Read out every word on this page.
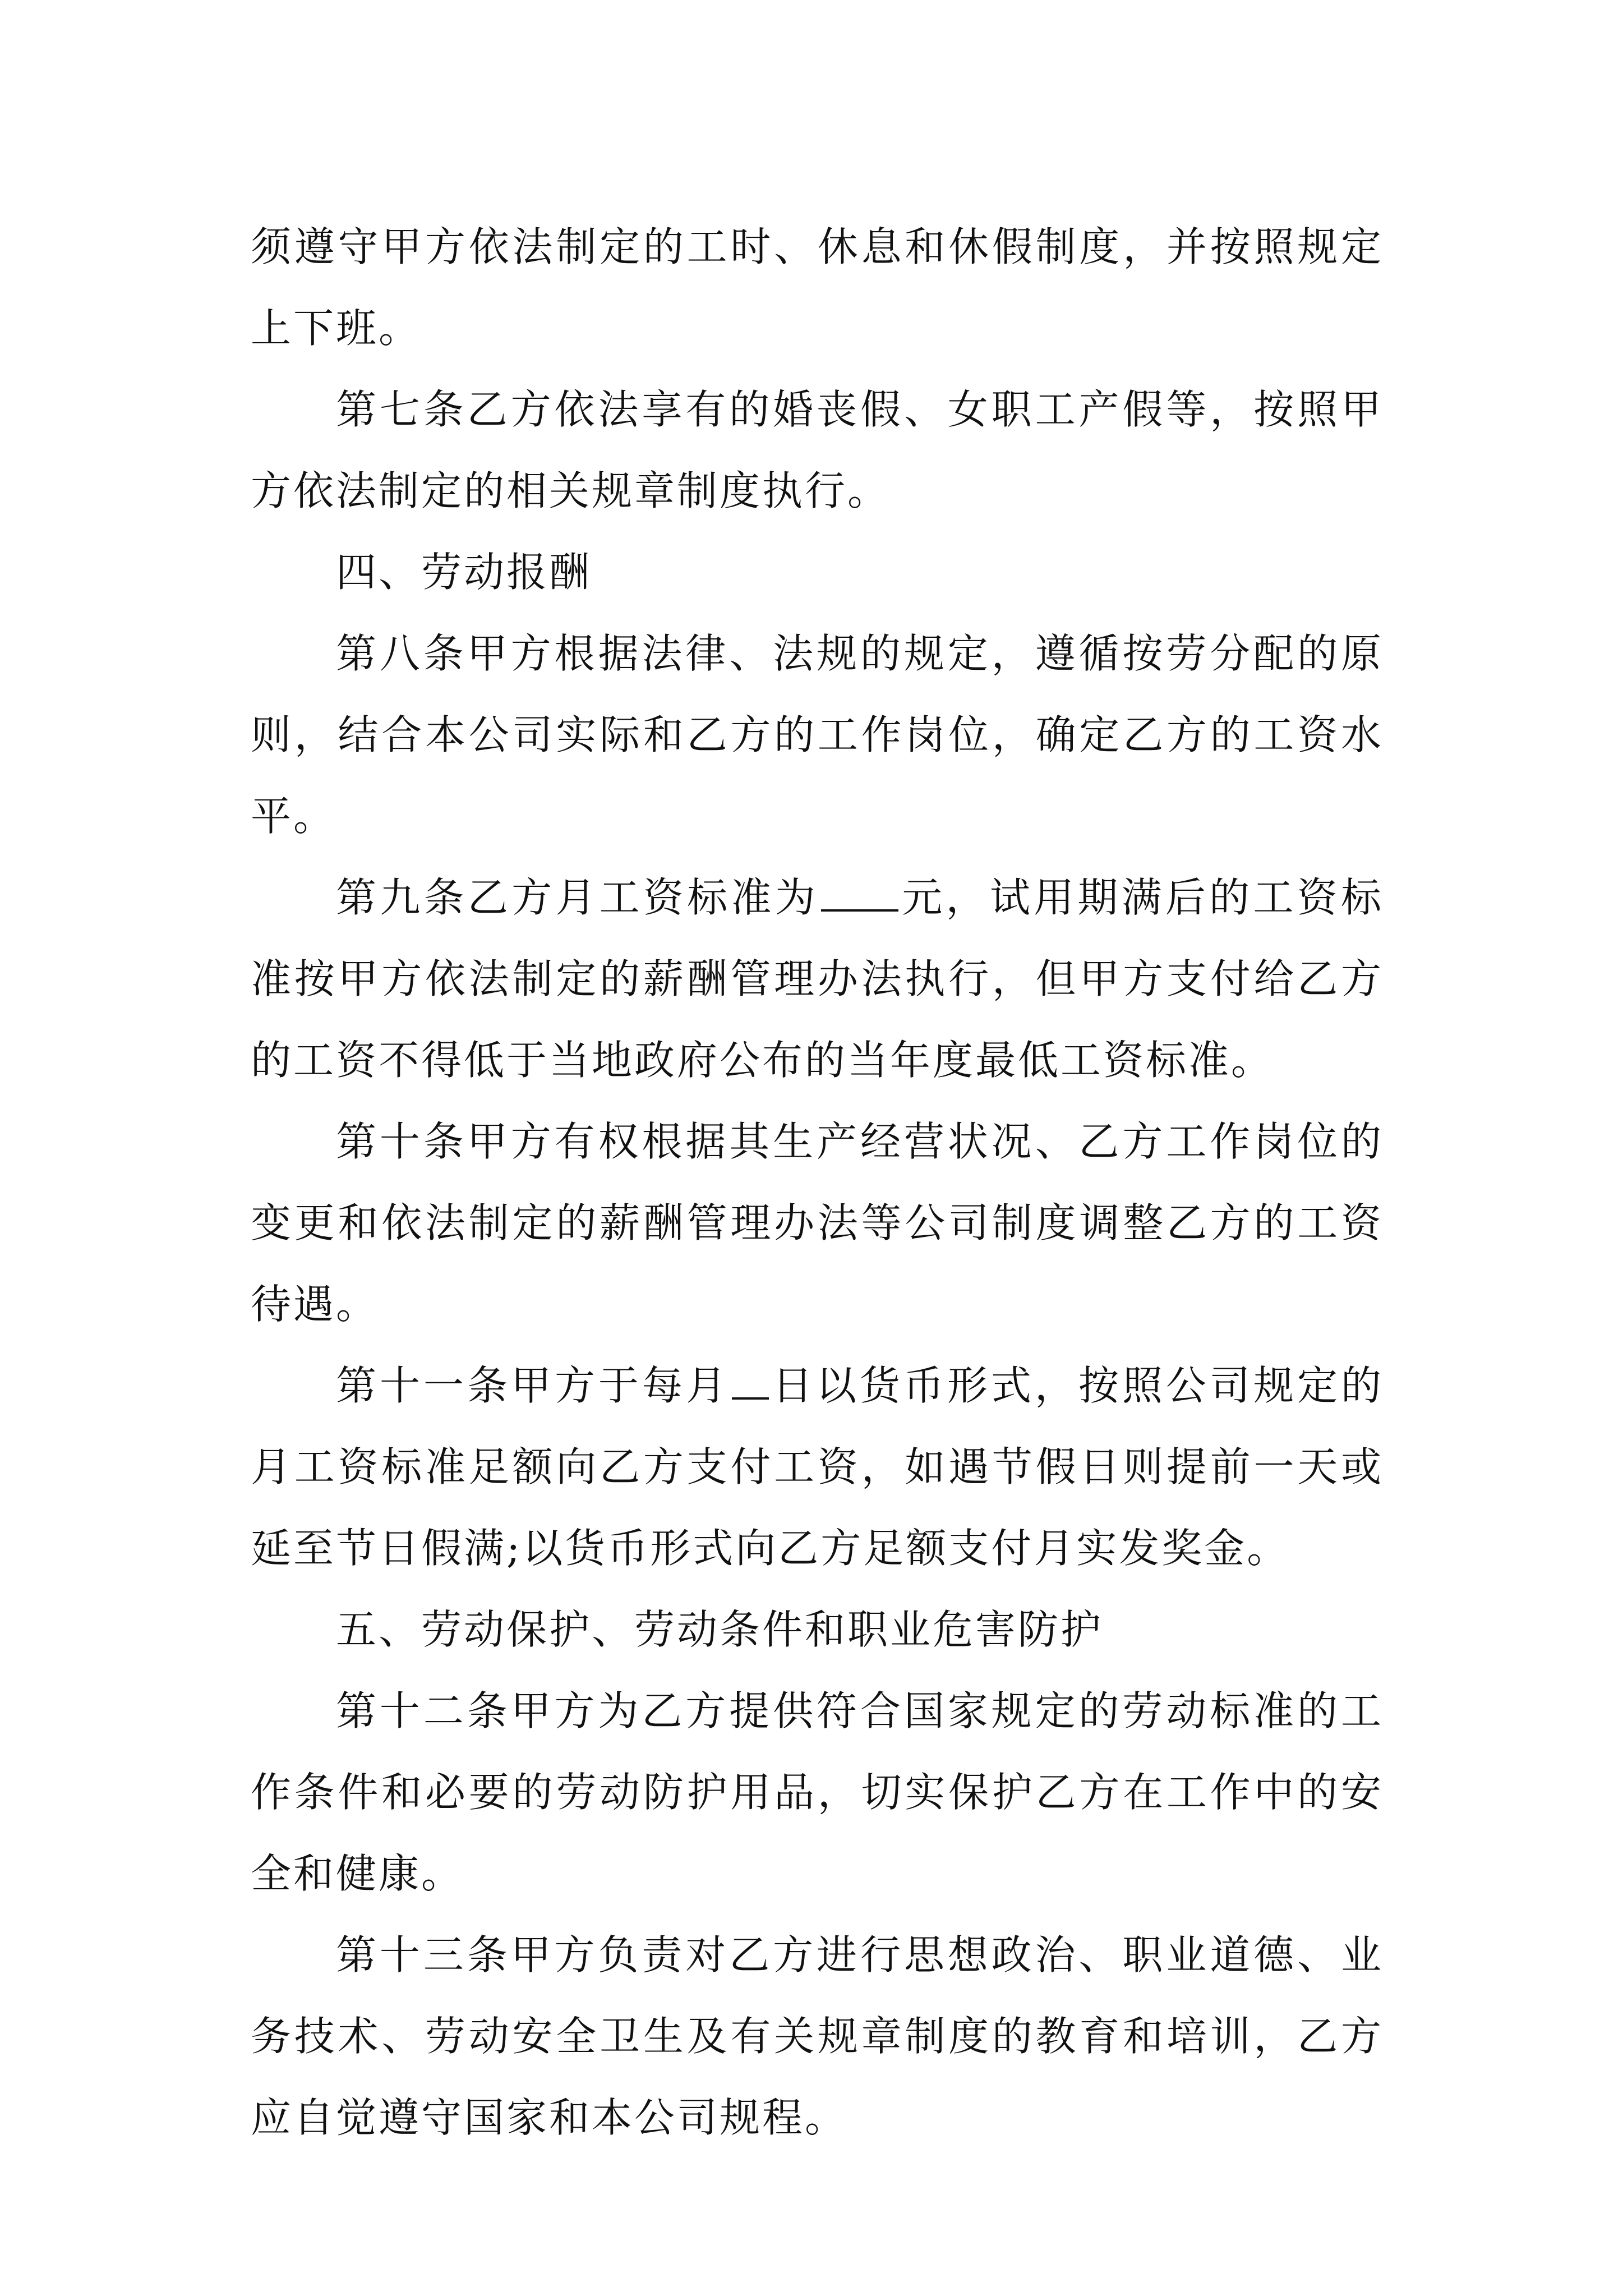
须遵守甲方依法制定的工时、休息和休假制度，并按照规定上下班。

第七条乙方依法享有的婚丧假、女职工产假等，按照甲方依法制定的相关规章制度执行。

四、劳动报酬

第八条甲方根据法律、法规的规定，遵循按劳分配的原则，结合本公司实际和乙方的工作岗位，确定乙方的工资水平。

第九条乙方月工资标准为 元，试用期满后的工资标准按甲方依法制定的薪酬管理办法执行，但甲方支付给乙方的工资不得低于当地政府公布的当年度最低工资标准。

第十条甲方有权根据其生产经营状况、乙方工作岗位的变更和依法制定的薪酬管理办法等公司制度调整乙方的工资待遇。

第十一条甲方于每月 日以货币形式，按照公司规定的月工资标准足额向乙方支付工资，如遇节假日则提前一天或延至节日假满;以货币形式向乙方足额支付月实发奖金。

五、劳动保护、劳动条件和职业危害防护

第十二条甲方为乙方提供符合国家规定的劳动标准的工作条件和必要的劳动防护用品，切实保护乙方在工作中的安全和健康。

第十三条甲方负责对乙方进行思想政治、职业道德、业务技术、劳动安全卫生及有关规章制度的教育和培训，乙方应自觉遵守国家和本公司规程。
